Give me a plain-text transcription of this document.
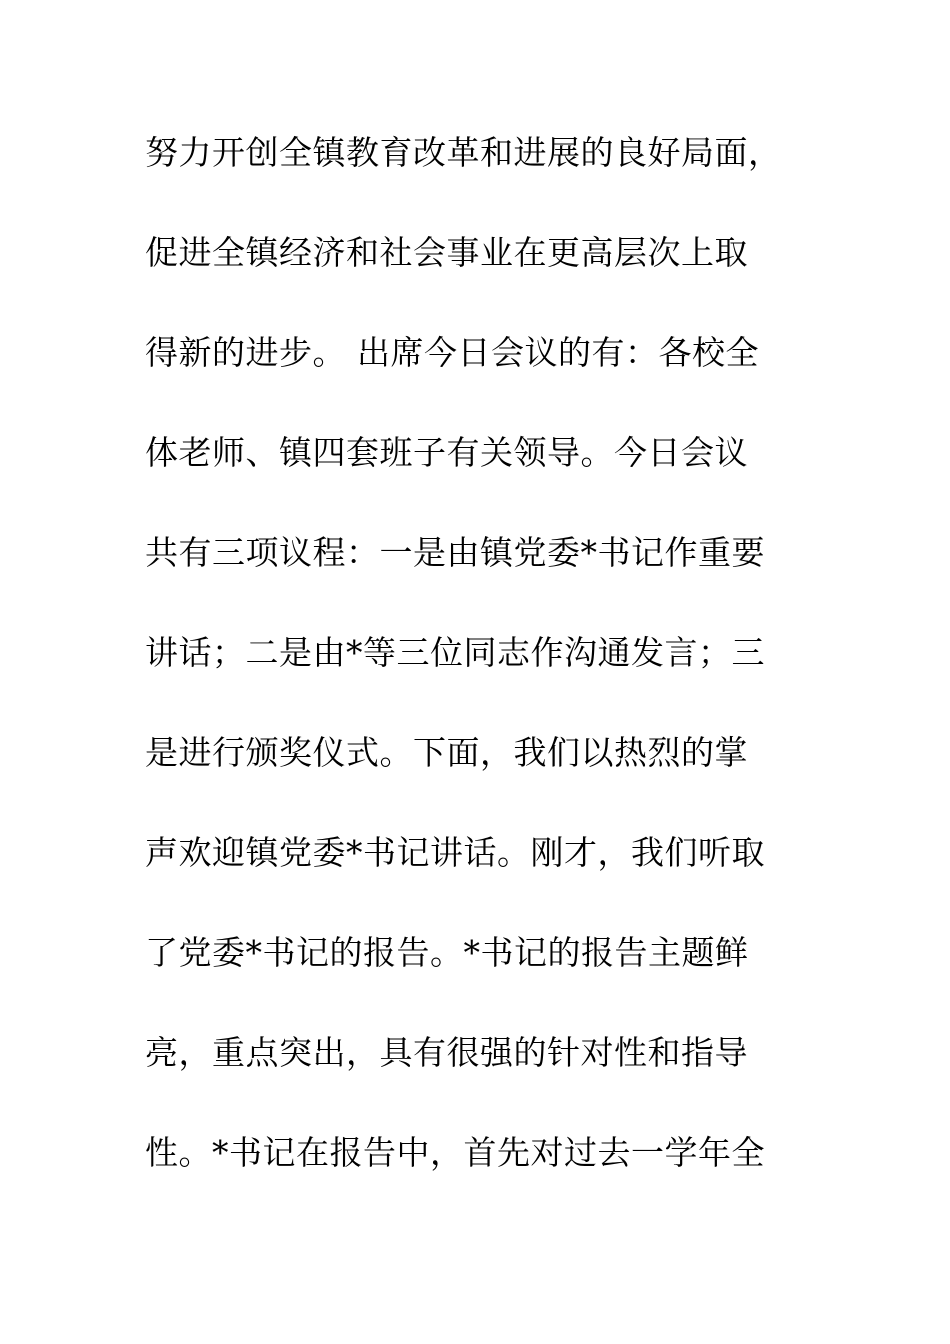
努力开创全镇教育改革和进展的良好局面，
促进全镇经济和社会事业在更高层次上取
得新的进步。 出席今日会议的有：各校全
体老师、镇四套班子有关领导。今日会议
共有三项议程：一是由镇党委*书记作重要
讲话；二是由*等三位同志作沟通发言；三
是进行颁奖仪式。下面，我们以热烈的掌
声欢迎镇党委*书记讲话。刚才，我们听取
了党委*书记的报告。*书记的报告主题鲜
亮，重点突出，具有很强的针对性和指导
性。*书记在报告中，首先对过去一学年全
